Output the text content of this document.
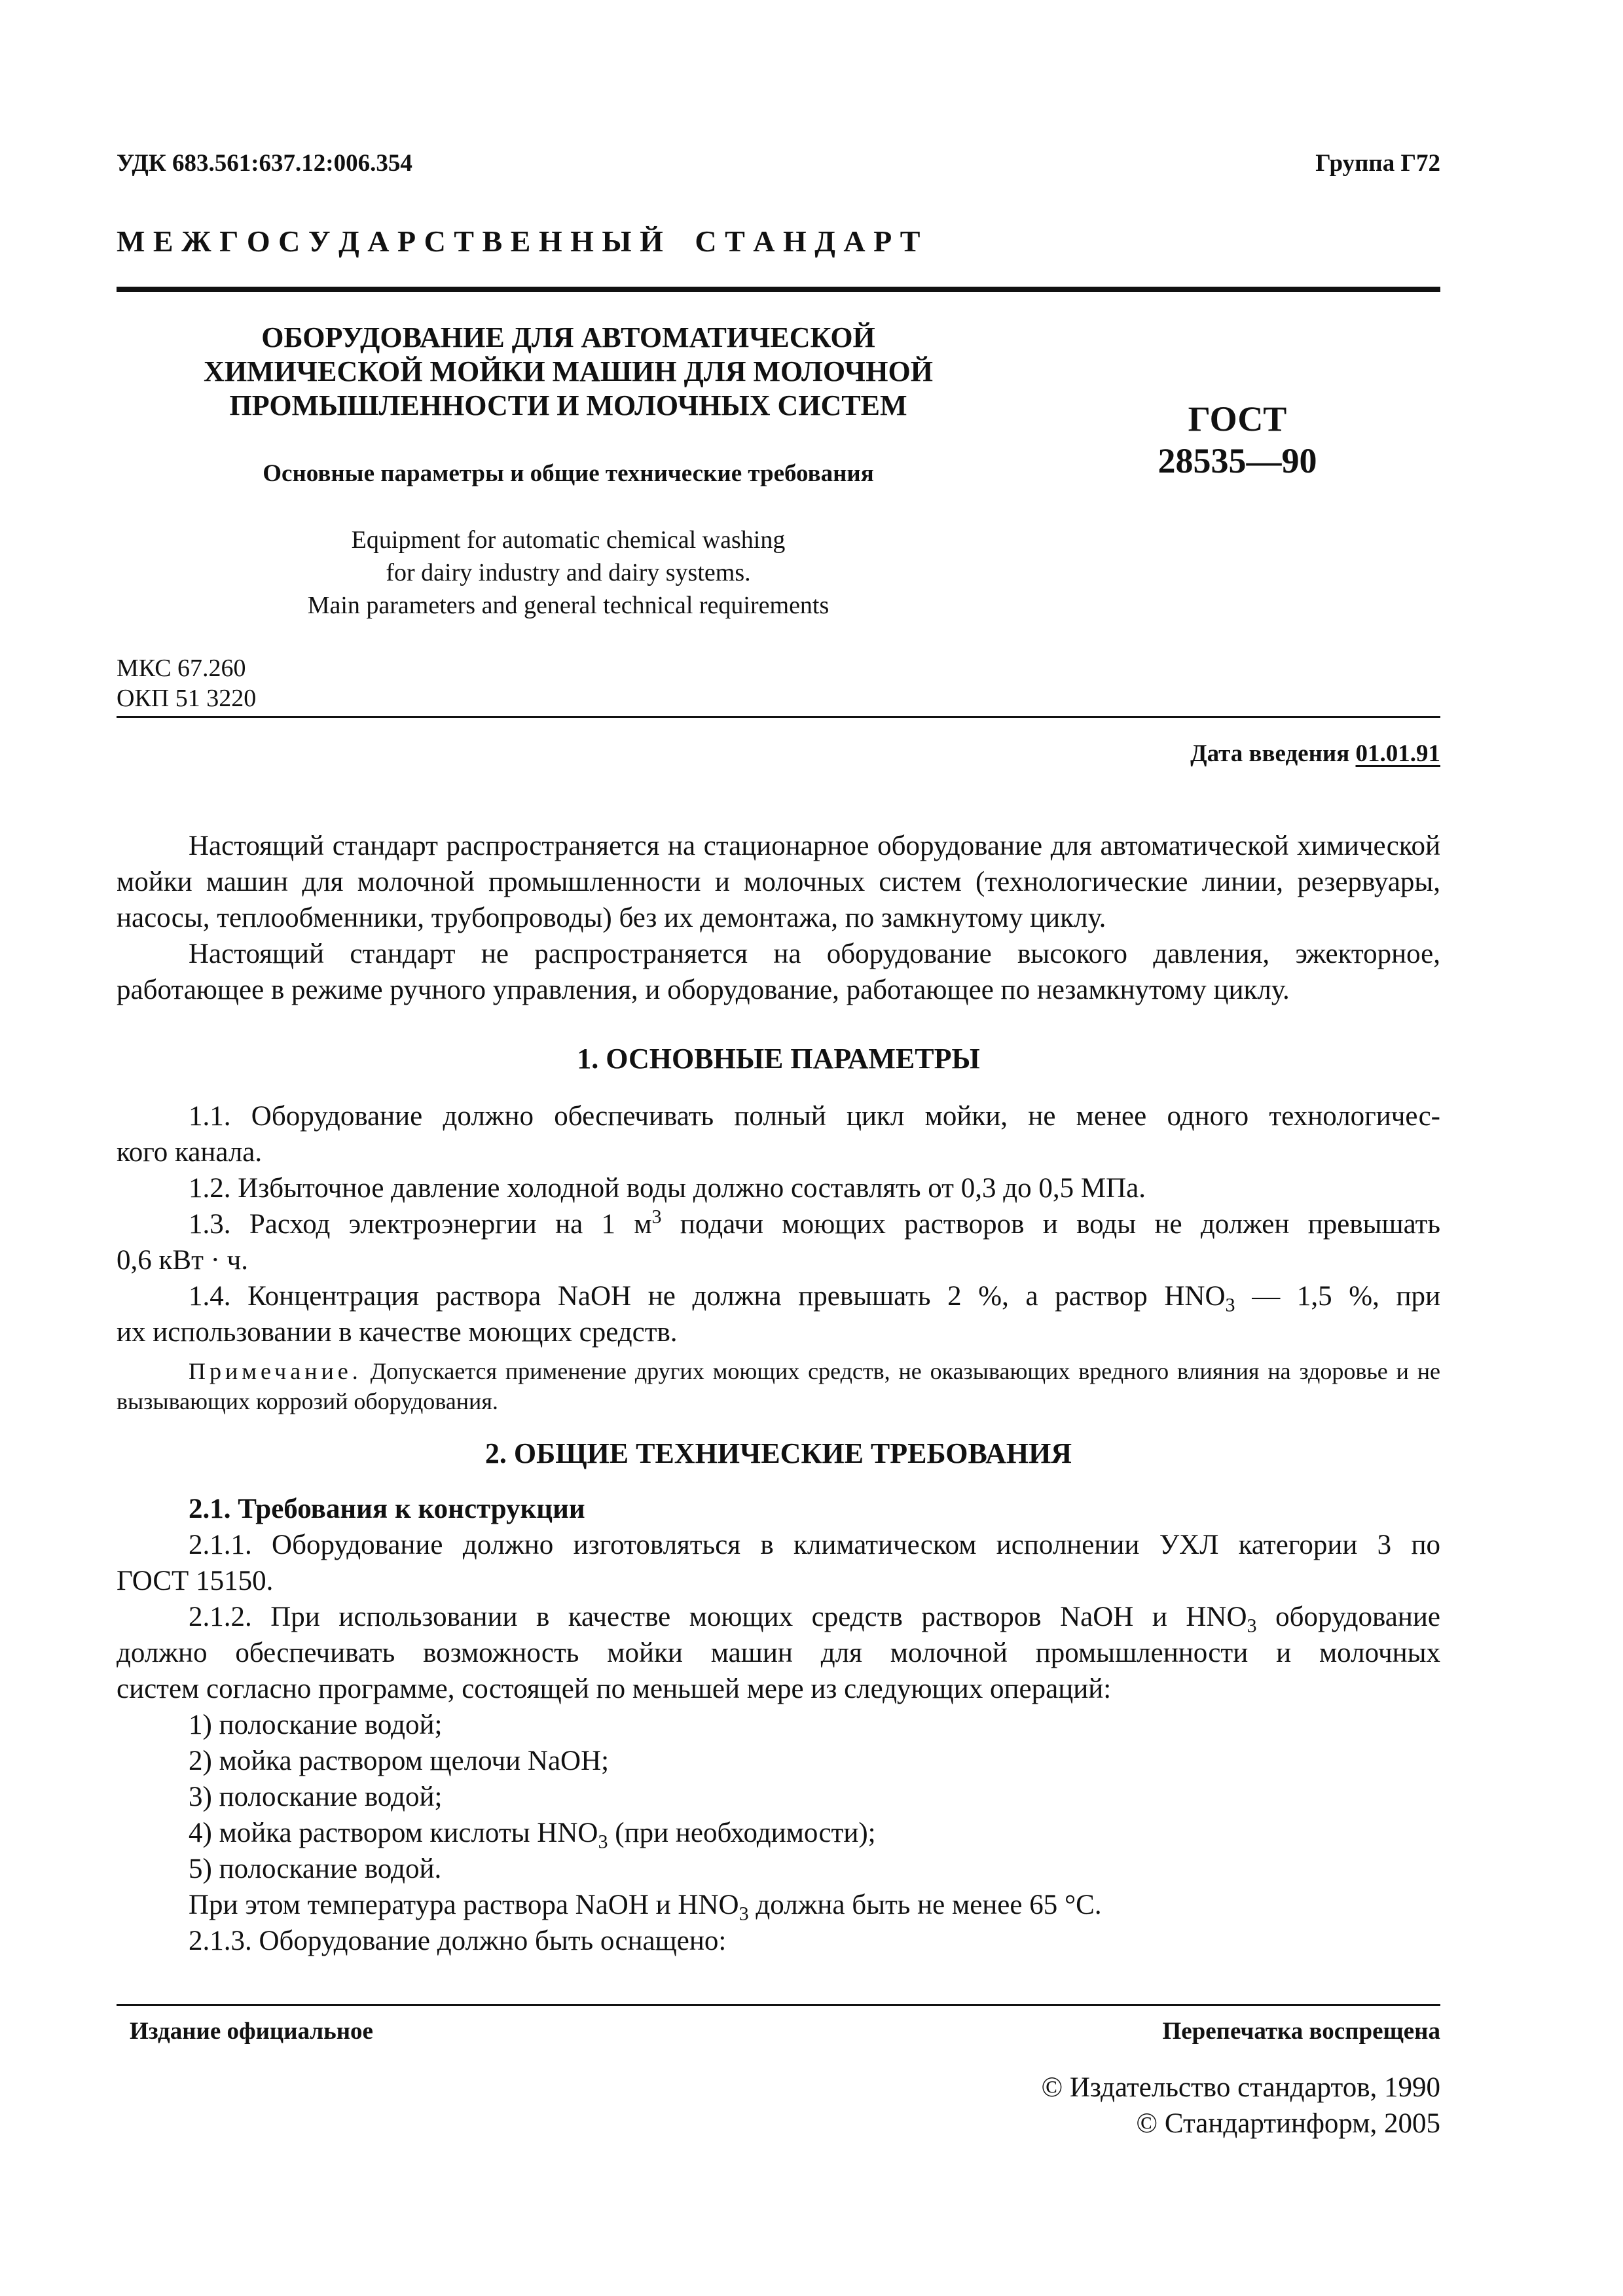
УДК 683.561:637.12:006.354	Группа Г72
М Е Ж Г О С У Д А Р С Т В Е Н Н Ы Й    С Т А Н Д А Р Т
ОБОРУДОВАНИЕ ДЛЯ АВТОМАТИЧЕСКОЙ
ХИМИЧЕСКОЙ МОЙКИ МАШИН ДЛЯ МОЛОЧНОЙ
ПРОМЫШЛЕННОСТИ И МОЛОЧНЫХ СИСТЕМ
Основные параметры и общие технические требования
Equipment for automatic chemical washing
for dairy industry and dairy systems.
Main parameters and general technical requirements
ГОСТ
28535—90
МКС 67.260
ОКП 51 3220
Дата введения 01.01.91

Настоящий стандарт распространяется на стационарное оборудование для автоматической химической мойки машин для молочной промышленности и молочных систем (технологические линии, резервуары, насосы, теплообменники, трубопроводы) без их демонтажа, по замкнутому циклу.

Настоящий стандарт не распространяется на оборудование высокого давления, эжекторное, работающее в режиме ручного управления, и оборудование, работающее по незамкнутому циклу.

1. ОСНОВНЫЕ ПАРАМЕТРЫ
1.1. Оборудование должно обеспечивать полный цикл мойки, не менее одного технологичес-
кого канала.
1.2. Избыточное давление холодной воды должно составлять от 0,3 до 0,5 МПа.
1.3. Расход электроэнергии на 1 $м^3$ подачи моющих растворов и воды не должен превышать
0,6 кВт · ч.
1.4. Концентрация раствора NaOH не должна превышать 2 %, а раствор $HNO_3$ — 1,5 %, при
их использовании в качестве моющих средств.
Примечание. Допускается применение других моющих средств, не оказывающих вредного влияния на здоровье и не вызывающих коррозий оборудования.
2. ОБЩИЕ ТЕХНИЧЕСКИЕ ТРЕБОВАНИЯ
2.1. Требования к конструкции
2.1.1. Оборудование должно изготовляться в климатическом исполнении УХЛ категории 3 по
ГОСТ 15150.
2.1.2. При использовании в качестве моющих средств растворов NaOH и $HNO_3$ оборудование
должно обеспечивать возможность мойки машин для молочной промышленности и молочных
систем согласно программе, состоящей по меньшей мере из следующих операций:
1) полоскание водой;
2) мойка раствором щелочи NaOH;
3) полоскание водой;
4) мойка раствором кислоты $HNO_3$ (при необходимости);
5) полоскание водой.
При этом температура раствора NaOH и $HNO_3$ должна быть не менее 65 °С.
2.1.3. Оборудование должно быть оснащено:
Издание официальное	Перепечатка воспрещена
© Издательство стандартов, 1990
© Стандартинформ, 2005
